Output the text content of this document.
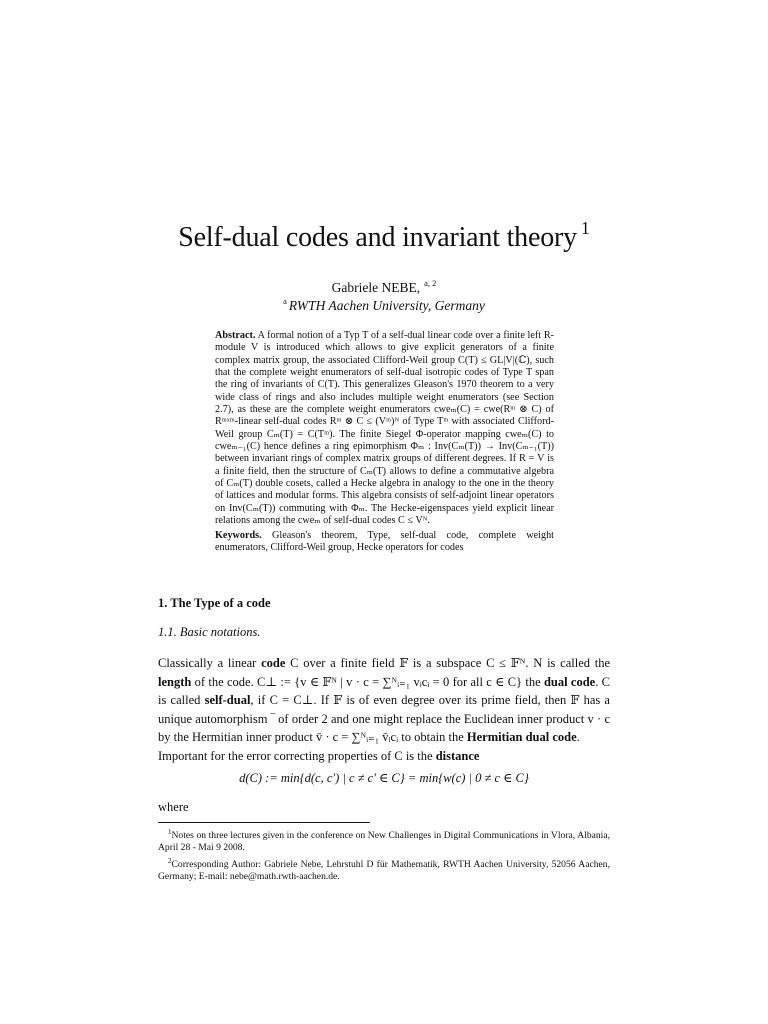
Self-dual codes and invariant theory $^1$
Gabriele NEBE, $^{a, 2}$
$^a$ RWTH Aachen University, Germany
Abstract. A formal notion of a Typ T of a self-dual linear code over a finite left R-module V is introduced which allows to give explicit generators of a finite complex matrix group, the associated Clifford-Weil group C(T) ≤ GL|V|(ℂ), such that the complete weight enumerators of self-dual isotropic codes of Type T span the ring of invariants of C(T). This generalizes Gleason's 1970 theorem to a very wide class of rings and also includes multiple weight enumerators (see Section 2.7), as these are the complete weight enumerators cweₘ(C) = cwe(Rᵐ ⊗ C) of Rᵐˣᵐ-linear self-dual codes Rᵐ ⊗ C ≤ (Vᵐ)ᴺ of Type Tᵐ with associated Clifford-Weil group Cₘ(T) = C(Tᵐ). The finite Siegel Φ-operator mapping cweₘ(C) to cweₘ₋₁(C) hence defines a ring epimorphism Φₘ : Inv(Cₘ(T)) → Inv(Cₘ₋₁(T)) between invariant rings of complex matrix groups of different degrees. If R = V is a finite field, then the structure of Cₘ(T) allows to define a commutative algebra of Cₘ(T) double cosets, called a Hecke algebra in analogy to the one in the theory of lattices and modular forms. This algebra consists of self-adjoint linear operators on Inv(Cₘ(T)) commuting with Φₘ. The Hecke-eigenspaces yield explicit linear relations among the cweₘ of self-dual codes C ≤ Vᴺ.
Keywords. Gleason's theorem, Type, self-dual code, complete weight enumerators, Clifford-Weil group, Hecke operators for codes
1. The Type of a code
1.1. Basic notations.
Classically a linear code C over a finite field 𝔽 is a subspace C ≤ 𝔽ᴺ. N is called the length of the code. C⊥ := {v ∈ 𝔽ᴺ | v · c = ∑ᴺᵢ₌₁ vᵢcᵢ = 0 for all c ∈ C} the dual code. C is called self-dual, if C = C⊥. If 𝔽 is of even degree over its prime field, then 𝔽 has a unique automorphism ‾ of order 2 and one might replace the Euclidean inner product v · c by the Hermitian inner product v̄ · c = ∑ᴺᵢ₌₁ v̄ᵢcᵢ to obtain the Hermitian dual code.
Important for the error correcting properties of C is the distance
d(C) := min{d(c, c′) | c ≠ c′ ∈ C} = min{w(c) | 0 ≠ c ∈ C}
where

$^1$Notes on three lectures given in the conference on New Challenges in Digital Communications in Vlora, Albania, April 28 - Mai 9 2008.

$^2$Corresponding Author: Gabriele Nebe, Lehrstuhl D für Mathematik, RWTH Aachen University, 52056 Aachen, Germany; E-mail: nebe@math.rwth-aachen.de.
